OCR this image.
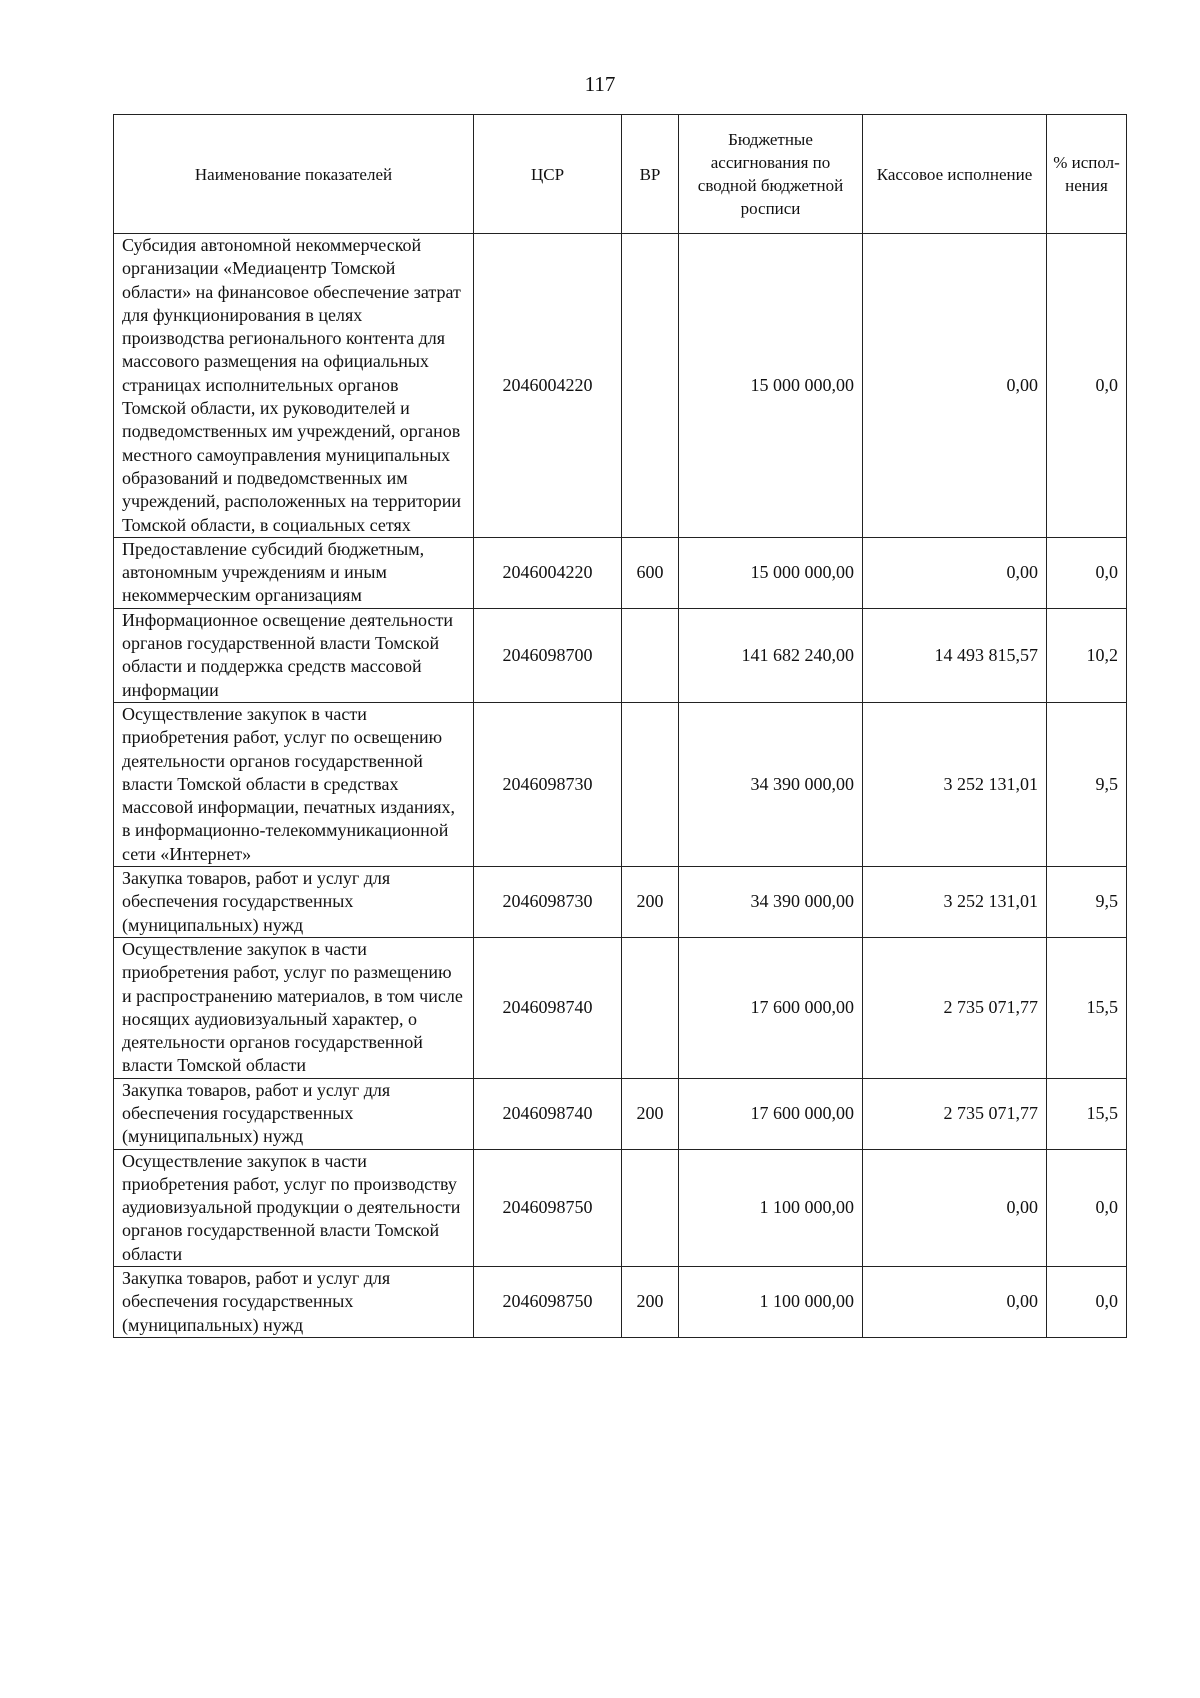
117
Наименование показателей	ЦСР	ВР	Бюджетные ассигнования по сводной бюджетной росписи	Кассовое исполнение	% испол-нения
Субсидия автономной некоммерческой организации «Медиацентр Томской области» на финансовое обеспечение затрат для функционирования в целях производства регионального контента для массового размещения на официальных страницах исполнительных органов Томской области, их руководителей и подведомственных им учреждений, органов местного самоуправления муниципальных образований и подведомственных им учреждений, расположенных на территории Томской области, в социальных сетях	2046004220		15 000 000,00	0,00	0,0
Предоставление субсидий бюджетным, автономным учреждениям и иным некоммерческим организациям	2046004220	600	15 000 000,00	0,00	0,0
Информационное освещение деятельности органов государственной власти Томской области и поддержка средств массовой информации	2046098700		141 682 240,00	14 493 815,57	10,2
Осуществление закупок в части приобретения работ, услуг по освещению деятельности органов государственной власти Томской области в средствах массовой информации, печатных изданиях, в информационно-телекоммуникационной сети «Интернет»	2046098730		34 390 000,00	3 252 131,01	9,5
Закупка товаров, работ и услуг для обеспечения государственных (муниципальных) нужд	2046098730	200	34 390 000,00	3 252 131,01	9,5
Осуществление закупок в части приобретения работ, услуг по размещению и распространению материалов, в том числе носящих аудиовизуальный характер, о деятельности органов государственной власти Томской области	2046098740		17 600 000,00	2 735 071,77	15,5
Закупка товаров, работ и услуг для обеспечения государственных (муниципальных) нужд	2046098740	200	17 600 000,00	2 735 071,77	15,5
Осуществление закупок в части приобретения работ, услуг по производству аудиовизуальной продукции о деятельности органов государственной власти Томской области	2046098750		1 100 000,00	0,00	0,0
Закупка товаров, работ и услуг для обеспечения государственных (муниципальных) нужд	2046098750	200	1 100 000,00	0,00	0,0
